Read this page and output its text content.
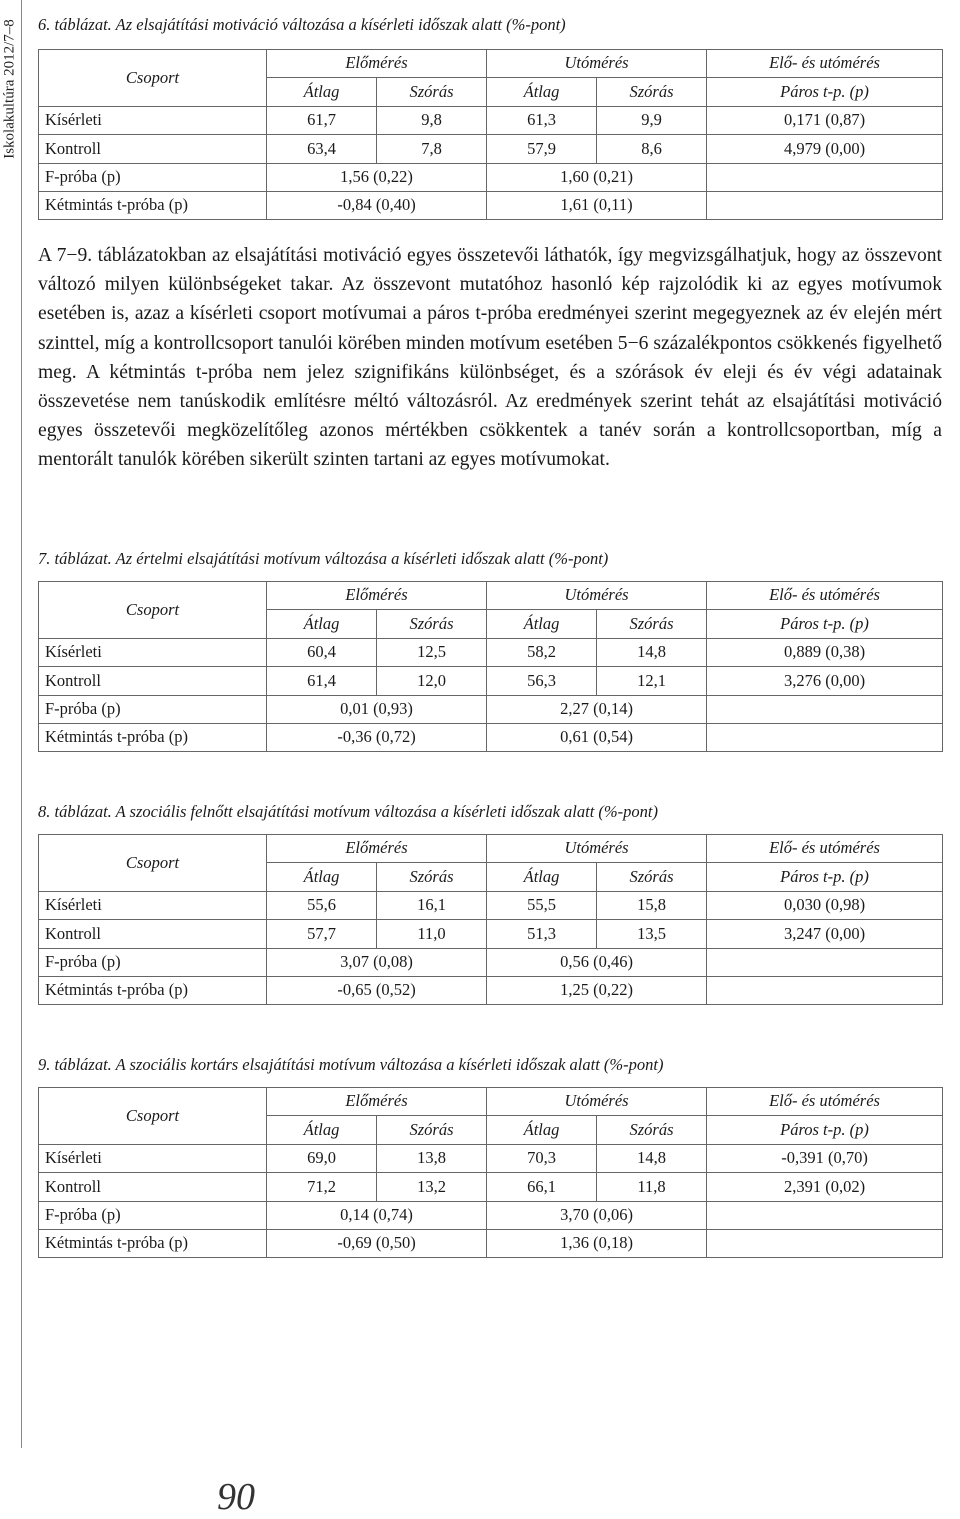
Iskolakultúra 2012/7–8 6. táblázat. Az elsajátítási motiváció változása a kísérleti időszak alatt (%-pont)
Csoport	Előmérés		Utómérés		Elő- és utómérés
	Átlag	Szórás	Átlag	Szórás	Páros t-p. (p)
Kísérleti	61,7	9,8	61,3	9,9	0,171 (0,87)
Kontroll	63,4	7,8	57,9	8,6	4,979 (0,00)
F-próba (p)	1,56 (0,22)		1,60 (0,21)		
Kétmintás t-próba (p)	-0,84 (0,40)		1,61 (0,11)		
A 7−9. táblázatokban az elsajátítási motiváció egyes összetevői láthatók, így megvizsgálhatjuk, hogy az összevont változó milyen különbségeket takar. Az összevont mutatóhoz hasonló kép rajzolódik ki az egyes motívumok esetében is, azaz a kísérleti csoport motívumai a páros t-próba eredményei szerint megegyeznek az év elején mért szinttel, míg a kontrollcsoport tanulói körében minden motívum esetében 5−6 százalékpontos csökkenés figyelhető meg. A kétmintás t-próba nem jelez szignifikáns különbséget, és a szórások év eleji és év végi adatainak összevetése nem tanúskodik említésre méltó változásról. Az eredmények szerint tehát az elsajátítási motiváció egyes összetevői megközelítőleg azonos mértékben csökkentek a tanév során a kontrollcsoportban, míg a mentorált tanulók körében sikerült szinten tartani az egyes motívumokat.
7. táblázat. Az értelmi elsajátítási motívum változása a kísérleti időszak alatt (%-pont)
Csoport	Előmérés		Utómérés		Elő- és utómérés
	Átlag	Szórás	Átlag	Szórás	Páros t-p. (p)
Kísérleti	60,4	12,5	58,2	14,8	0,889 (0,38)
Kontroll	61,4	12,0	56,3	12,1	3,276 (0,00)
F-próba (p)	0,01 (0,93)		2,27 (0,14)		
Kétmintás t-próba (p)	-0,36 (0,72)		0,61 (0,54)		
8. táblázat. A szociális felnőtt elsajátítási motívum változása a kísérleti időszak alatt (%-pont)
Csoport	Előmérés		Utómérés		Elő- és utómérés
	Átlag	Szórás	Átlag	Szórás	Páros t-p. (p)
Kísérleti	55,6	16,1	55,5	15,8	0,030 (0,98)
Kontroll	57,7	11,0	51,3	13,5	3,247 (0,00)
F-próba (p)	3,07 (0,08)		0,56 (0,46)		
Kétmintás t-próba (p)	-0,65 (0,52)		1,25 (0,22)		
9. táblázat. A szociális kortárs elsajátítási motívum változása a kísérleti időszak alatt (%-pont)
Csoport	Előmérés		Utómérés		Elő- és utómérés
	Átlag	Szórás	Átlag	Szórás	Páros t-p. (p)
Kísérleti	69,0	13,8	70,3	14,8	-0,391 (0,70)
Kontroll	71,2	13,2	66,1	11,8	2,391 (0,02)
F-próba (p)	0,14 (0,74)		3,70 (0,06)		
Kétmintás t-próba (p)	-0,69 (0,50)		1,36 (0,18)		
90
